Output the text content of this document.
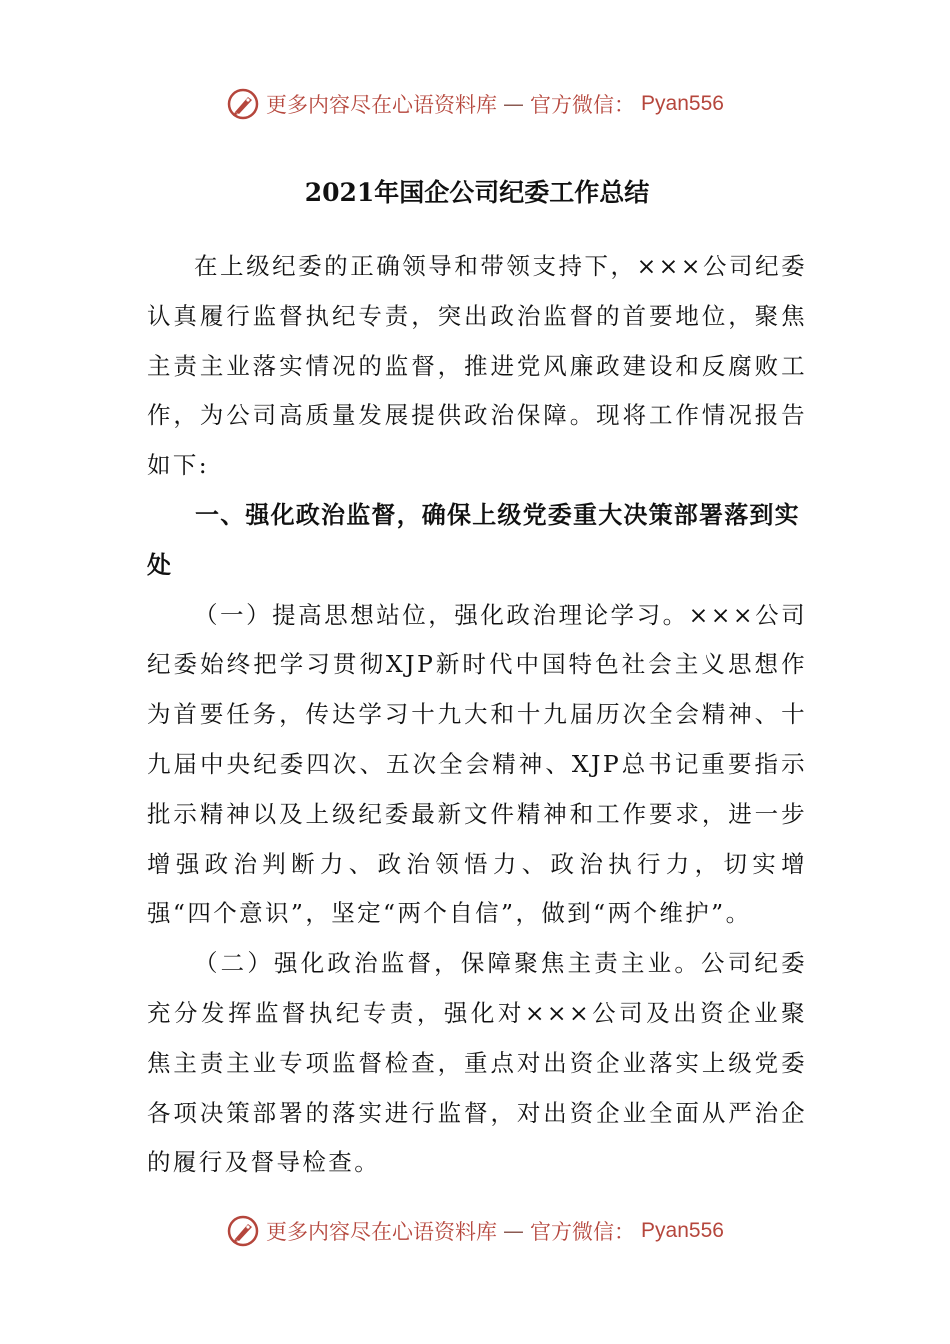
更多内容尽在心语资料库 — 官方微信： Pyan556
2021年国企公司纪委工作总结

在上级纪委的正确领导和带领支持下，×××公司纪委认真履行监督执纪专责，突出政治监督的首要地位，聚焦主责主业落实情况的监督，推进党风廉政建设和反腐败工作，为公司高质量发展提供政治保障。现将工作情况报告如下:

一、强化政治监督，确保上级党委重大决策部署落到实处

（一）提高思想站位，强化政治理论学习。×××公司纪委始终把学习贯彻XJP新时代中国特色社会主义思想作为首要任务，传达学习十九大和十九届历次全会精神、十九届中央纪委四次、五次全会精神、XJP总书记重要指示批示精神以及上级纪委最新文件精神和工作要求，进一步增强政治判断力、政治领悟力、政治执行力，切实增强“四个意识”，坚定“两个自信”，做到“两个维护”。

（二）强化政治监督，保障聚焦主责主业。公司纪委充分发挥监督执纪专责，强化对×××公司及出资企业聚焦主责主业专项监督检查，重点对出资企业落实上级党委各项决策部署的落实进行监督，对出资企业全面从严治企的履行及督导检查。

更多内容尽在心语资料库 — 官方微信： Pyan556
